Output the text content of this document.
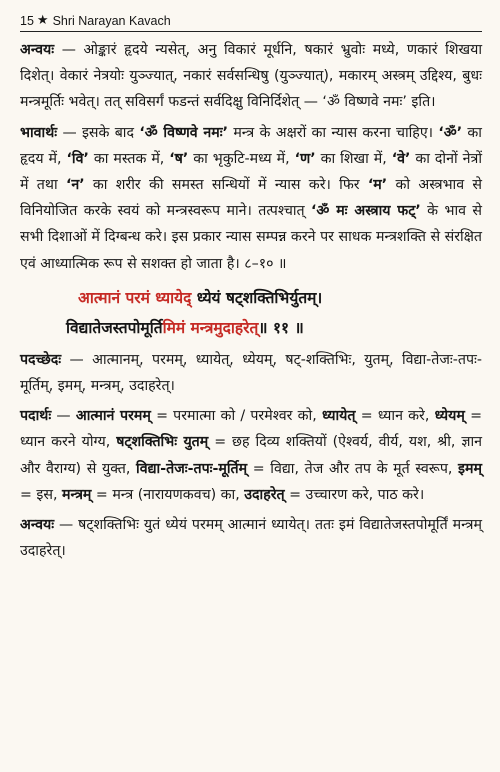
15 ★ Shri Narayan Kavach

अन्वयः — ओङ्कारं हृदये न्यसेत्, अनु विकारं मूर्धनि, षकारं भ्रुवोः मध्ये, णकारं शिखया दिशेत्। वेकारं नेत्रयोः युञ्ज्यात्, नकारं सर्वसन्धिषु (युञ्ज्यात्), मकारम् अस्त्रम् उद्दिश्य, बुधः मन्त्रमूर्तिः भवेत्। तत् सविसर्गं फडन्तं सर्वदिक्षु विनिर्दिशेत् — ‘ॐ विष्णवे नमः’ इति।

भावार्थः — इसके बाद ‘ॐ विष्णवे नमः’ मन्त्र के अक्षरों का न्यास करना चाहिए। ‘ॐ’ का हृदय में, ‘वि’ का मस्तक में, ‘ष’ का भृकुटि-मध्य में, ‘ण’ का शिखा में, ‘वे’ का दोनों नेत्रों में तथा ‘न’ का शरीर की समस्त सन्धियों में न्यास करे। फिर ‘म’ को अस्त्रभाव से विनियोजित करके स्वयं को मन्त्रस्वरूप माने। तत्पश्चात् ‘ॐ मः अस्त्राय फट्’ के भाव से सभी दिशाओं में दिग्बन्ध करे। इस प्रकार न्यास सम्पन्न करने पर साधक मन्त्रशक्ति से संरक्षित एवं आध्यात्मिक रूप से सशक्त हो जाता है। ८–१० ॥

आत्मानं परमं ध्यायेद् ध्येयं षट्शक्तिभिर्युतम्।
विद्यातेजस्तपोमूर्तिमिमं मन्त्रमुदाहरेत्॥ ११ ॥

पदच्छेदः — आत्मानम्, परमम्, ध्यायेत्, ध्येयम्, षट्-शक्तिभिः, युतम्, विद्या-तेजः-तपः-मूर्तिम्, इमम्, मन्त्रम्, उदाहरेत्।

पदार्थः — आत्मानं परमम् = परमात्मा को / परमेश्वर को, ध्यायेत् = ध्यान करे, ध्येयम् = ध्यान करने योग्य, षट्शक्तिभिः युतम् = छह दिव्य शक्तियों (ऐश्वर्य, वीर्य, यश, श्री, ज्ञान और वैराग्य) से युक्त, विद्या-तेजः-तपः-मूर्तिम् = विद्या, तेज और तप के मूर्त स्वरूप, इमम् = इस, मन्त्रम् = मन्त्र (नारायणकवच) का, उदाहरेत् = उच्चारण करे, पाठ करे।

अन्वयः — षट्शक्तिभिः युतं ध्येयं परमम् आत्मानं ध्यायेत्। ततः इमं विद्यातेजस्तपोमूर्तिं मन्त्रम् उदाहरेत्।
